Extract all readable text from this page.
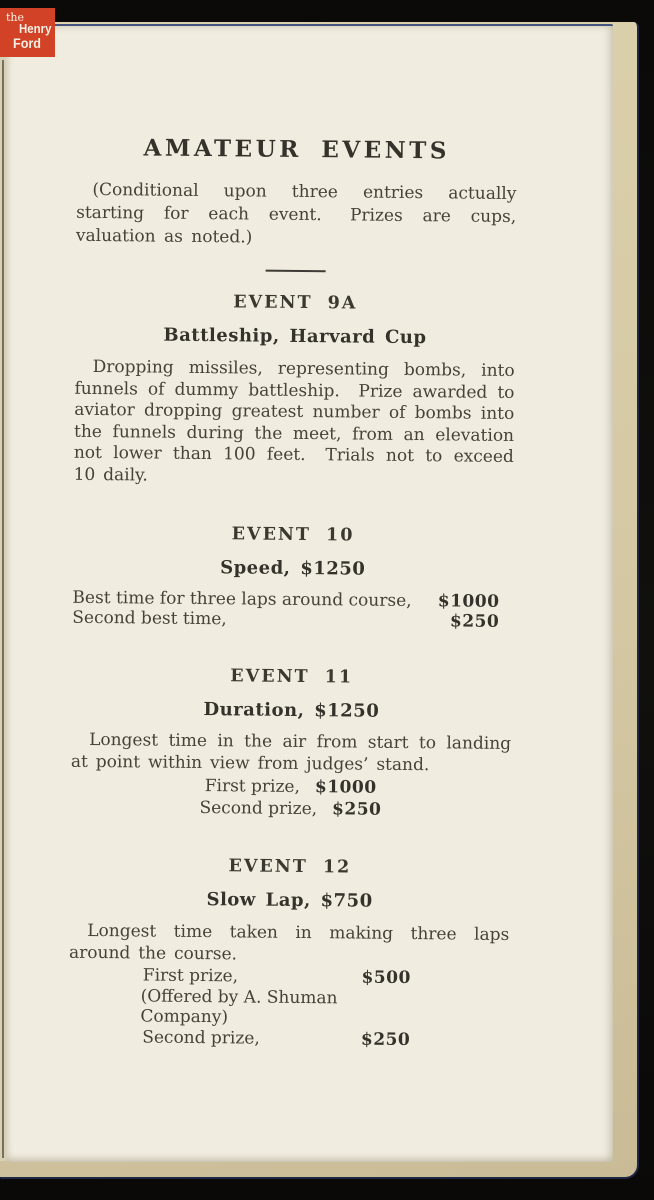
AMATEUR EVENTS

(Conditional upon three entries actually starting for each event.  Prizes are cups, valuation as noted.)

EVENT 9A
Battleship, Harvard Cup

Dropping missiles, representing bombs, into funnels of dummy battleship.  Prize awarded to aviator dropping greatest number of bombs into the funnels during the meet, from an elevation not lower than 100 feet.  Trials not to exceed 10 daily.

EVENT 10
Speed, $1250
Best time for three laps around course, $1000
Second best time,	$250
EVENT 11
Duration, $1250

Longest time in the air from start to landing at point within view from judges’ stand.

First prize, $1000
Second prize, $250
EVENT 12
Slow Lap, $750

Longest time taken in making three laps around the course.

First prize,	$500
(Offered by A. Shuman Company)
Second prize,	$250
the
Henry
Ford
